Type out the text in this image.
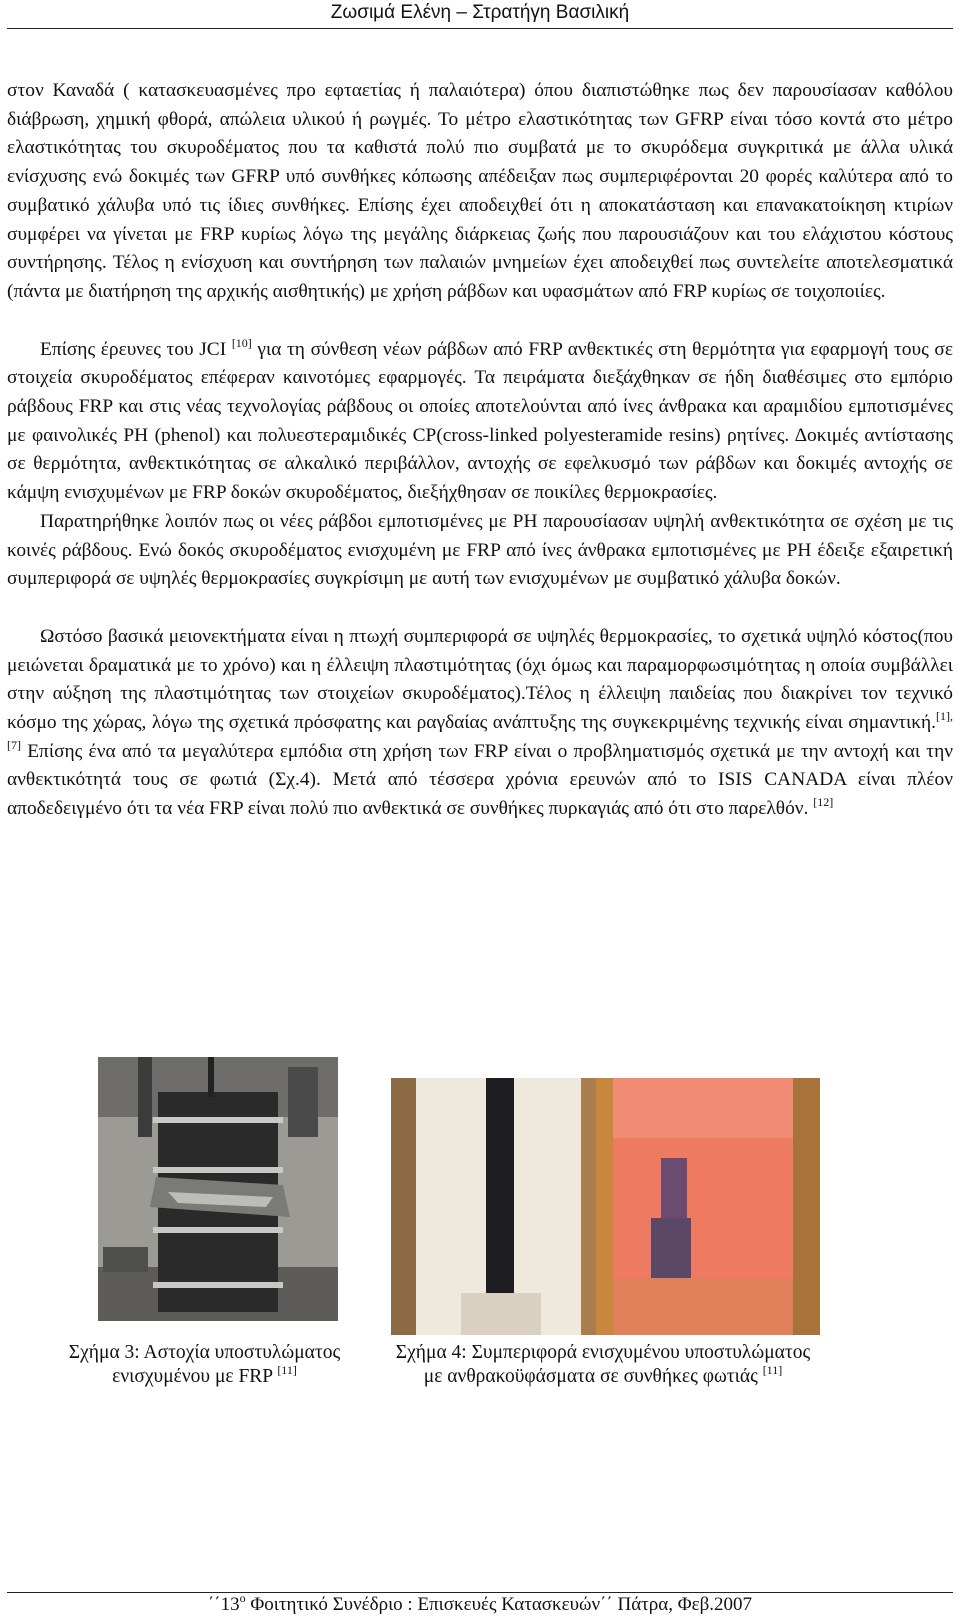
Ζωσιμά Ελένη – Στρατήγη Βασιλική

στον Καναδά ( κατασκευασμένες προ εφταετίας ή παλαιότερα) όπου διαπιστώθηκε πως δεν παρουσίασαν καθόλου διάβρωση, χημική φθορά, απώλεια υλικού ή ρωγμές. Το μέτρο ελαστικότητας των GFRP είναι τόσο κοντά στο μέτρο ελαστικότητας του σκυροδέματος που τα καθιστά πολύ πιο συμβατά με το σκυρόδεμα συγκριτικά με άλλα υλικά ενίσχυσης ενώ δοκιμές των GFRP υπό συνθήκες κόπωσης απέδειξαν πως συμπεριφέρονται 20 φορές καλύτερα από το συμβατικό χάλυβα υπό τις ίδιες συνθήκες. Επίσης έχει αποδειχθεί ότι η αποκατάσταση και επανακατοίκηση κτιρίων συμφέρει να γίνεται με FRP κυρίως λόγω της μεγάλης διάρκειας ζωής που παρουσιάζουν και του ελάχιστου κόστους συντήρησης. Τέλος η ενίσχυση και συντήρηση των παλαιών μνημείων έχει αποδειχθεί πως συντελείτε αποτελεσματικά (πάντα με διατήρηση της αρχικής αισθητικής) με χρήση ράβδων και υφασμάτων από FRP κυρίως σε τοιχοποιίες.

Επίσης έρευνες του JCI [10] για τη σύνθεση νέων ράβδων από FRP ανθεκτικές στη θερμότητα για εφαρμογή τους σε στοιχεία σκυροδέματος επέφεραν καινοτόμες εφαρμογές. Τα πειράματα διεξάχθηκαν σε ήδη διαθέσιμες στο εμπόριο ράβδους FRP και στις νέας τεχνολογίας ράβδους οι οποίες αποτελούνται από ίνες άνθρακα και αραμιδίου εμποτισμένες με φαινολικές PH (phenol) και πολυεστεραμιδικές CP(cross-linked polyesteramide resins) ρητίνες. Δοκιμές αντίστασης σε θερμότητα, ανθεκτικότητας σε αλκαλικό περιβάλλον, αντοχής σε εφελκυσμό των ράβδων και δοκιμές αντοχής σε κάμψη ενισχυμένων με FRP δοκών σκυροδέματος, διεξήχθησαν σε ποικίλες θερμοκρασίες.

Παρατηρήθηκε λοιπόν πως οι νέες ράβδοι εμποτισμένες με PH παρουσίασαν υψηλή ανθεκτικότητα σε σχέση με τις κοινές ράβδους. Ενώ δοκός σκυροδέματος ενισχυμένη με FRP από ίνες άνθρακα εμποτισμένες με PH έδειξε εξαιρετική συμπεριφορά σε υψηλές θερμοκρασίες συγκρίσιμη με αυτή των ενισχυμένων με συμβατικό χάλυβα δοκών.

Ωστόσο βασικά μειονεκτήματα είναι η πτωχή συμπεριφορά σε υψηλές θερμοκρασίες, το σχετικά υψηλό κόστος(που μειώνεται δραματικά με το χρόνο) και η έλλειψη πλαστιμότητας (όχι όμως και παραμορφωσιμότητας η οποία συμβάλλει στην αύξηση της πλαστιμότητας των στοιχείων σκυροδέματος).Τέλος η έλλειψη παιδείας που διακρίνει τον τεχνικό κόσμο της χώρας, λόγω της σχετικά πρόσφατης και ραγδαίας ανάπτυξης της συγκεκριμένης τεχνικής είναι σημαντική.[1],[7] Επίσης ένα από τα μεγαλύτερα εμπόδια στη χρήση των FRP είναι ο προβληματισμός σχετικά με την αντοχή και την ανθεκτικότητά τους σε φωτιά (Σχ.4). Μετά από τέσσερα χρόνια ερευνών από το ISIS CANADA είναι πλέον αποδεδειγμένο ότι τα νέα FRP είναι πολύ πιο ανθεκτικά σε συνθήκες πυρκαγιάς από ότι στο παρελθόν. [12]

Σχήμα 3: Αστοχία υποστυλώματος
ενισχυμένου με FRP [11]
Σχήμα 4: Συμπεριφορά ενισχυμένου υποστυλώματος
με ανθρακοϋφάσματα σε συνθήκες φωτιάς [11]
$΄΄13^o$ Φοιτητικό Συνέδριο : Επισκευές Κατασκευών΄΄ Πάτρα, Φεβ.2007
